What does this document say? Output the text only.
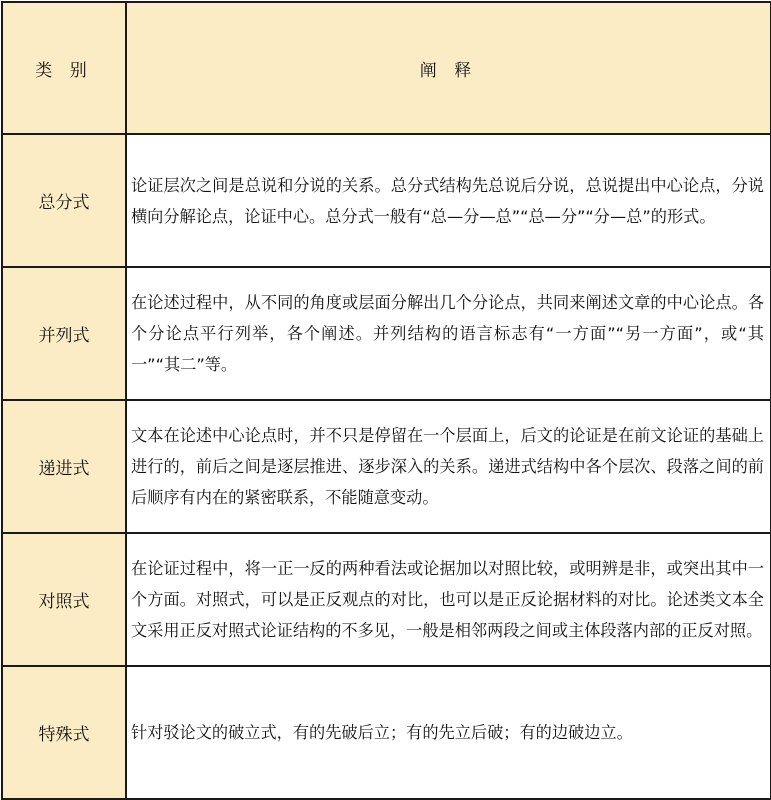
类 别	阐 释
总分式	论证层次之间是总说和分说的关系。总分式结构先总说后分说，总说提出中心论点，分说横向分解论点，论证中心。总分式一般有“总—分—总”“总—分”“分—总”的形式。
并列式	在论述过程中，从不同的角度或层面分解出几个分论点，共同来阐述文章的中心论点。各个分论点平行列举，各个阐述。并列结构的语言标志有“一方面”“另一方面”，或“其一”“其二”等。
递进式	文本在论述中心论点时，并不只是停留在一个层面上，后文的论证是在前文论证的基础上进行的，前后之间是逐层推进、逐步深入的关系。递进式结构中各个层次、段落之间的前后顺序有内在的紧密联系，不能随意变动。
对照式	在论证过程中，将一正一反的两种看法或论据加以对照比较，或明辨是非，或突出其中一个方面。对照式，可以是正反观点的对比，也可以是正反论据材料的对比。论述类文本全文采用正反对照式论证结构的不多见，一般是相邻两段之间或主体段落内部的正反对照。
特殊式	针对驳论文的破立式，有的先破后立；有的先立后破；有的边破边立。
